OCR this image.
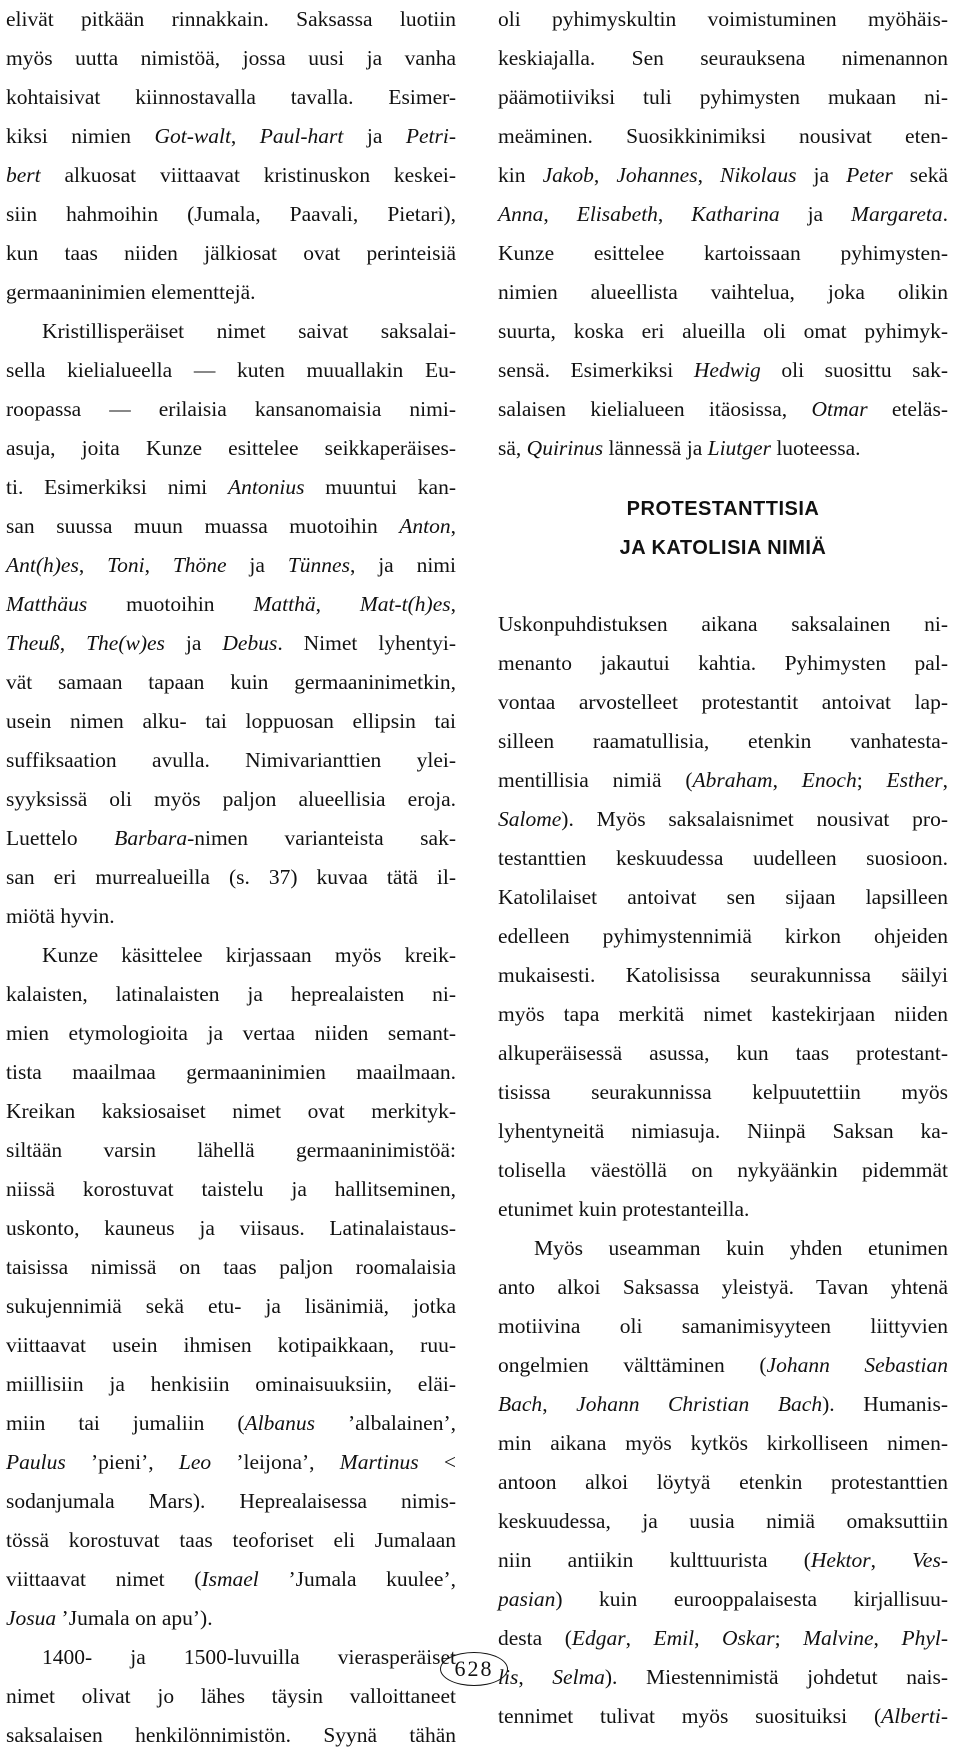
elivät pitkään rinnakkain. Saksassa luotiin
myös uutta nimistöä, jossa uusi ja vanha
kohtaisivat kiinnostavalla tavalla. Esimer-
kiksi nimien Got-walt, Paul-hart ja Petri-
bert alkuosat viittaavat kristinuskon keskei-
siin hahmoihin (Jumala, Paavali, Pietari),
kun taas niiden jälkiosat ovat perinteisiä
germaaninimien elementtejä.
Kristillisperäiset nimet saivat saksalai-
sella kielialueella — kuten muuallakin Eu-
roopassa — erilaisia kansanomaisia nimi-
asuja, joita Kunze esittelee seikkaperäises-
ti. Esimerkiksi nimi Antonius muuntui kan-
san suussa muun muassa muotoihin Anton,
Ant(h)es, Toni, Thöne ja Tünnes, ja nimi
Matthäus muotoihin Matthä, Mat-t(h)es,
Theuß, The(w)es ja Debus. Nimet lyhentyi-
vät samaan tapaan kuin germaaninimetkin,
usein nimen alku- tai loppuosan ellipsin tai
suffiksaation avulla. Nimivarianttien ylei-
syyksissä oli myös paljon alueellisia eroja.
Luettelo Barbara-nimen varianteista sak-
san eri murrealueilla (s. 37) kuvaa tätä il-
miötä hyvin.
Kunze käsittelee kirjassaan myös kreik-
kalaisten, latinalaisten ja heprealaisten ni-
mien etymologioita ja vertaa niiden semant-
tista maailmaa germaaninimien maailmaan.
Kreikan kaksiosaiset nimet ovat merkityk-
siltään varsin lähellä germaaninimistöä:
niissä korostuvat taistelu ja hallitseminen,
uskonto, kauneus ja viisaus. Latinalaistaus-
taisissa nimissä on taas paljon roomalaisia
sukujennimiä sekä etu- ja lisänimiä, jotka
viittaavat usein ihmisen kotipaikkaan, ruu-
miillisiin ja henkisiin ominaisuuksiin, eläi-
miin tai jumaliin (Albanus ’albalainen’,
Paulus ’pieni’, Leo ’leijona’, Martinus <
sodanjumala Mars). Heprealaisessa nimis-
tössä korostuvat taas teoforiset eli Jumalaan
viittaavat nimet (Ismael ’Jumala kuulee’,
Josua ’Jumala on apu’).
1400- ja 1500-luvuilla vierasperäiset
nimet olivat jo lähes täysin valloittaneet
saksalaisen henkilönnimistön. Syynä tähän
oli pyhimyskultin voimistuminen myöhäis-
keskiajalla. Sen seurauksena nimenannon
päämotiiviksi tuli pyhimysten mukaan ni-
meäminen. Suosikkinimiksi nousivat eten-
kin Jakob, Johannes, Nikolaus ja Peter sekä
Anna, Elisabeth, Katharina ja Margareta.
Kunze esittelee kartoissaan pyhimysten-
nimien alueellista vaihtelua, joka olikin
suurta, koska eri alueilla oli omat pyhimyk-
sensä. Esimerkiksi Hedwig oli suosittu sak-
salaisen kielialueen itäosissa, Otmar eteläs-
sä, Quirinus lännessä ja Liutger luoteessa.
PROTESTANTTISIA
JA KATOLISIA NIMIÄ
Uskonpuhdistuksen aikana saksalainen ni-
menanto jakautui kahtia. Pyhimysten pal-
vontaa arvostelleet protestantit antoivat lap-
silleen raamatullisia, etenkin vanhatesta-
mentillisia nimiä (Abraham, Enoch; Esther,
Salome). Myös saksalaisnimet nousivat pro-
testanttien keskuudessa uudelleen suosioon.
Katolilaiset antoivat sen sijaan lapsilleen
edelleen pyhimystennimiä kirkon ohjeiden
mukaisesti. Katolisissa seurakunnissa säilyi
myös tapa merkitä nimet kastekirjaan niiden
alkuperäisessä asussa, kun taas protestant-
tisissa seurakunnissa kelpuutettiin myös
lyhentyneitä nimiasuja. Niinpä Saksan ka-
tolisella väestöllä on nykyäänkin pidemmät
etunimet kuin protestanteilla.
Myös useamman kuin yhden etunimen
anto alkoi Saksassa yleistyä. Tavan yhtenä
motiivina oli samanimisyyteen liittyvien
ongelmien välttäminen (Johann Sebastian
Bach, Johann Christian Bach). Humanis-
min aikana myös kytkös kirkolliseen nimen-
antoon alkoi löytyä etenkin protestanttien
keskuudessa, ja uusia nimiä omaksuttiin
niin antiikin kulttuurista (Hektor, Ves-
pasian) kuin eurooppalaisesta kirjallisuu-
desta (Edgar, Emil, Oskar; Malvine, Phyl-
lis, Selma). Miestennimistä johdetut nais-
tennimet tulivat myös suosituiksi (Alberti-
628
